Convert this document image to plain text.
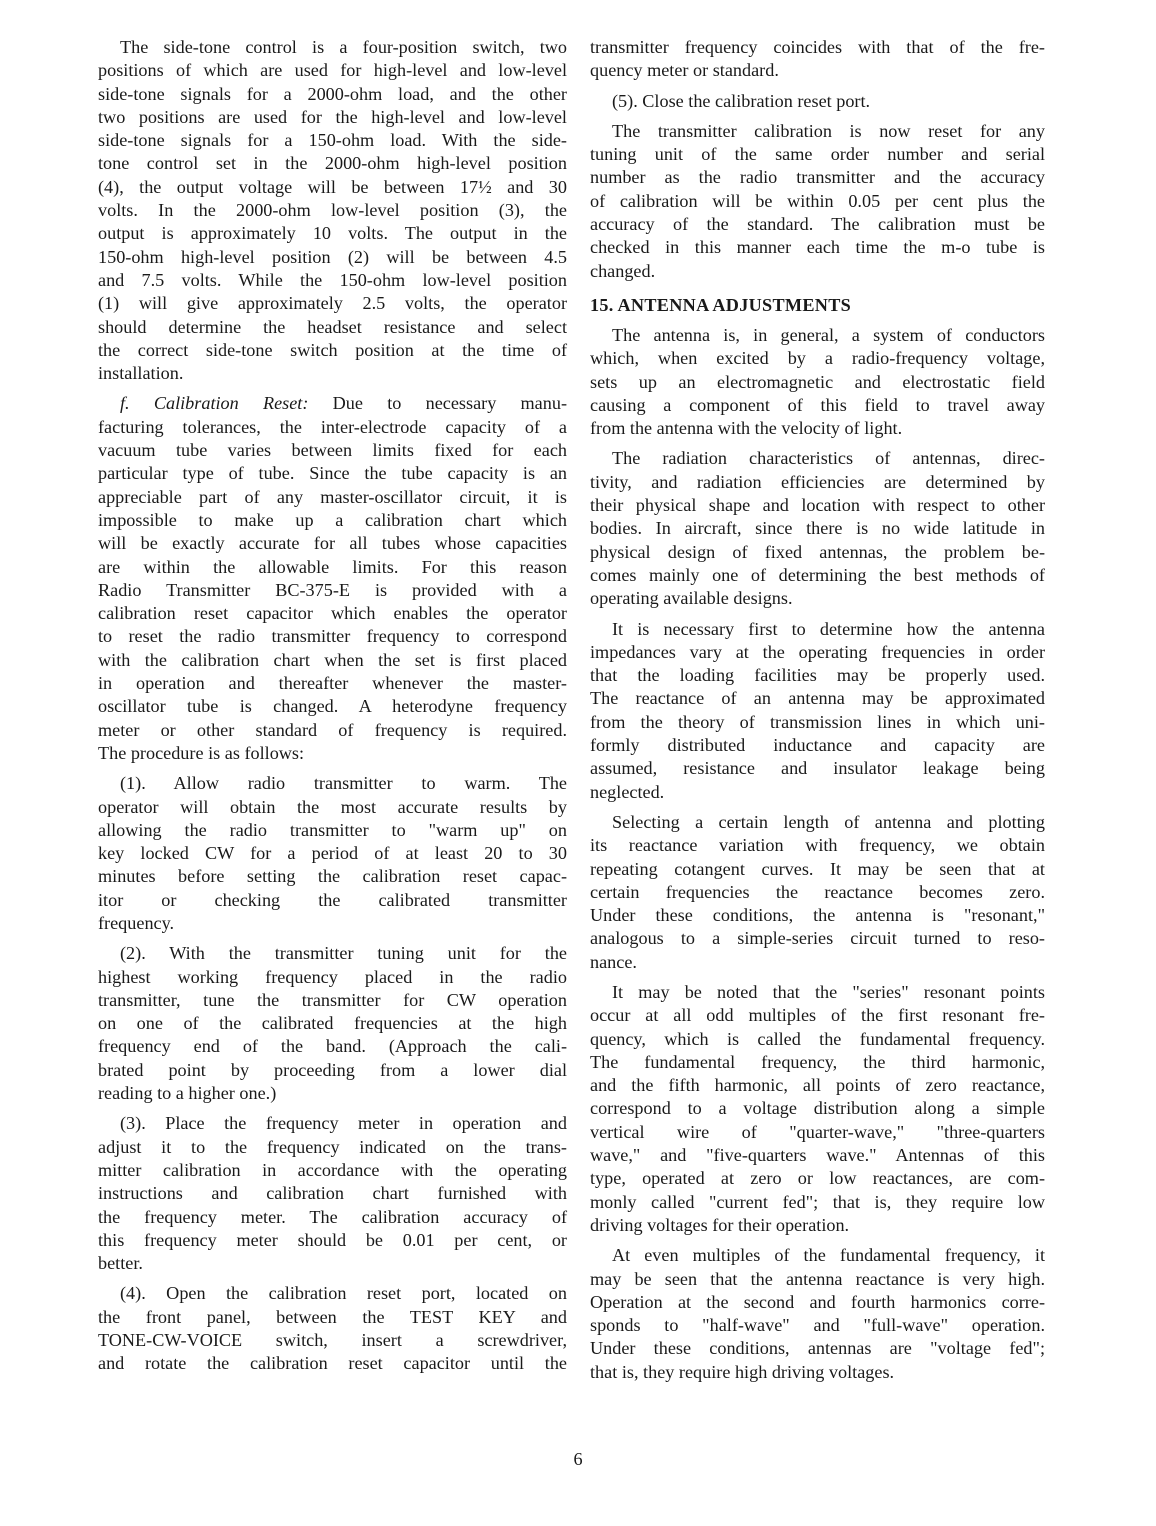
The side-tone control is a four-position switch, two
positions of which are used for high-level and low-level
side-tone signals for a 2000-ohm load, and the other
two positions are used for the high-level and low-level
side-tone signals for a 150-ohm load. With the side-
tone control set in the 2000-ohm high-level position
(4), the output voltage will be between 17½ and 30
volts. In the 2000-ohm low-level position (3), the
output is approximately 10 volts. The output in the
150-ohm high-level position (2) will be between 4.5
and 7.5 volts. While the 150-ohm low-level position
(1) will give approximately 2.5 volts, the operator
should determine the headset resistance and select
the correct side-tone switch position at the time of
installation.
f. Calibration Reset: Due to necessary manu-
facturing tolerances, the inter-electrode capacity of a
vacuum tube varies between limits fixed for each
particular type of tube. Since the tube capacity is an
appreciable part of any master-oscillator circuit, it is
impossible to make up a calibration chart which
will be exactly accurate for all tubes whose capacities
are within the allowable limits. For this reason
Radio Transmitter BC-375-E is provided with a
calibration reset capacitor which enables the operator
to reset the radio transmitter frequency to correspond
with the calibration chart when the set is first placed
in operation and thereafter whenever the master-
oscillator tube is changed. A heterodyne frequency
meter or other standard of frequency is required.
The procedure is as follows:
(1). Allow radio transmitter to warm. The
operator will obtain the most accurate results by
allowing the radio transmitter to "warm up" on
key locked CW for a period of at least 20 to 30
minutes before setting the calibration reset capac-
itor or checking the calibrated transmitter
frequency.
(2). With the transmitter tuning unit for the
highest working frequency placed in the radio
transmitter, tune the transmitter for CW operation
on one of the calibrated frequencies at the high
frequency end of the band. (Approach the cali-
brated point by proceeding from a lower dial
reading to a higher one.)
(3). Place the frequency meter in operation and
adjust it to the frequency indicated on the trans-
mitter calibration in accordance with the operating
instructions and calibration chart furnished with
the frequency meter. The calibration accuracy of
this frequency meter should be 0.01 per cent, or
better.
(4). Open the calibration reset port, located on
the front panel, between the TEST KEY and
TONE-CW-VOICE switch, insert a screwdriver,
and rotate the calibration reset capacitor until the
transmitter frequency coincides with that of the fre-
quency meter or standard.
(5). Close the calibration reset port.
The transmitter calibration is now reset for any
tuning unit of the same order number and serial
number as the radio transmitter and the accuracy
of calibration will be within 0.05 per cent plus the
accuracy of the standard. The calibration must be
checked in this manner each time the m-o tube is
changed.
15. ANTENNA ADJUSTMENTS
The antenna is, in general, a system of conductors
which, when excited by a radio-frequency voltage,
sets up an electromagnetic and electrostatic field
causing a component of this field to travel away
from the antenna with the velocity of light.
The radiation characteristics of antennas, direc-
tivity, and radiation efficiencies are determined by
their physical shape and location with respect to other
bodies. In aircraft, since there is no wide latitude in
physical design of fixed antennas, the problem be-
comes mainly one of determining the best methods of
operating available designs.
It is necessary first to determine how the antenna
impedances vary at the operating frequencies in order
that the loading facilities may be properly used.
The reactance of an antenna may be approximated
from the theory of transmission lines in which uni-
formly distributed inductance and capacity are
assumed, resistance and insulator leakage being
neglected.
Selecting a certain length of antenna and plotting
its reactance variation with frequency, we obtain
repeating cotangent curves. It may be seen that at
certain frequencies the reactance becomes zero.
Under these conditions, the antenna is "resonant,"
analogous to a simple-series circuit turned to reso-
nance.
It may be noted that the "series" resonant points
occur at all odd multiples of the first resonant fre-
quency, which is called the fundamental frequency.
The fundamental frequency, the third harmonic,
and the fifth harmonic, all points of zero reactance,
correspond to a voltage distribution along a simple
vertical wire of "quarter-wave," "three-quarters
wave," and "five-quarters wave." Antennas of this
type, operated at zero or low reactances, are com-
monly called "current fed"; that is, they require low
driving voltages for their operation.
At even multiples of the fundamental frequency, it
may be seen that the antenna reactance is very high.
Operation at the second and fourth harmonics corre-
sponds to "half-wave" and "full-wave" operation.
Under these conditions, antennas are "voltage fed";
that is, they require high driving voltages.
6
